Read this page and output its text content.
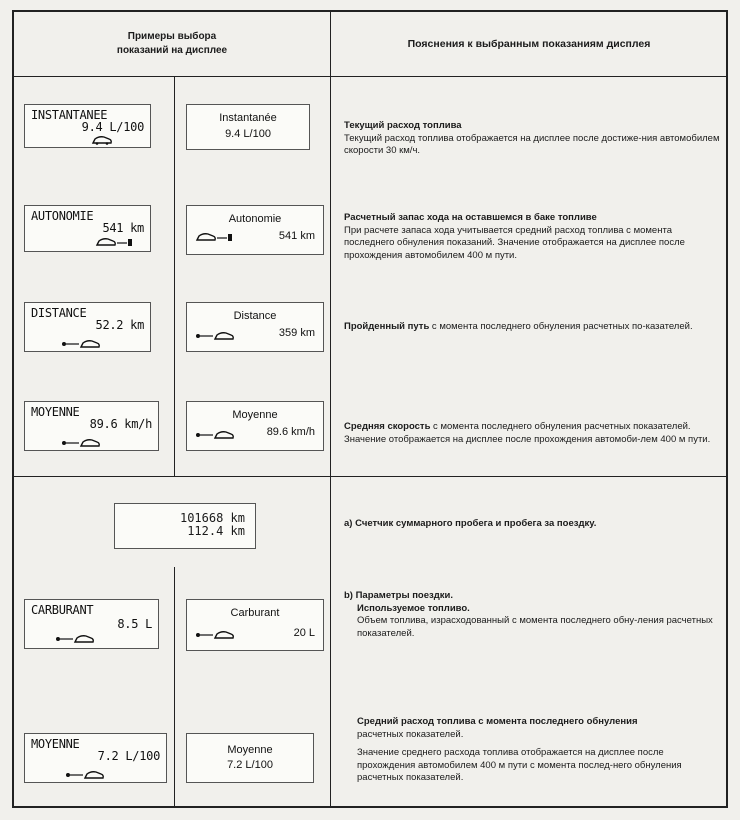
Примеры выбора
показаний на дисплее
Пояснения к выбранным показаниям дисплея
INSTANTANEE
9.4 L/100
Instantanée
9.4 L/100

Текущий расход топлива

Текущий расход топлива отображается на дисплее после достиже-ния автомобилем скорости 30 км/ч.

AUTONOMIE
541 km
Autonomie
541 km

Расчетный запас хода на оставшемся в баке топливе

При расчете запаса хода учитывается средний расход топлива с момента последнего обнуления показаний. Значение отображается на дисплее после прохождения автомобилем 400 м пути.

DISTANCE
52.2 km
Distance
359 km

Пройденный путь с момента последнего обнуления расчетных по-казателей.

MOYENNE
89.6 km/h
Moyenne
89.6 km/h	Средняя скорость с момента последнего обнуления расчетных показателей.

Значение отображается на дисплее после прохождения автомоби-лем 400 м пути.

101668 km
112.4 km

a) Счетчик суммарного пробега и пробега за поездку.

CARBURANT
8.5 L
Carburant
20 L

b) Параметры поездки.

Используемое топливо.

Объем топлива, израсходованный с момента последнего обну-ления расчетных показателей.

MOYENNE
7.2 L/100	Moyenne
7.2 L/100

Средний расход топлива с момента последнего обнуления

расчетных показателей.

Значение среднего расхода топлива отображается на дисплее после прохождения автомобилем 400 м пути с момента послед-него обнуления расчетных показателей.
